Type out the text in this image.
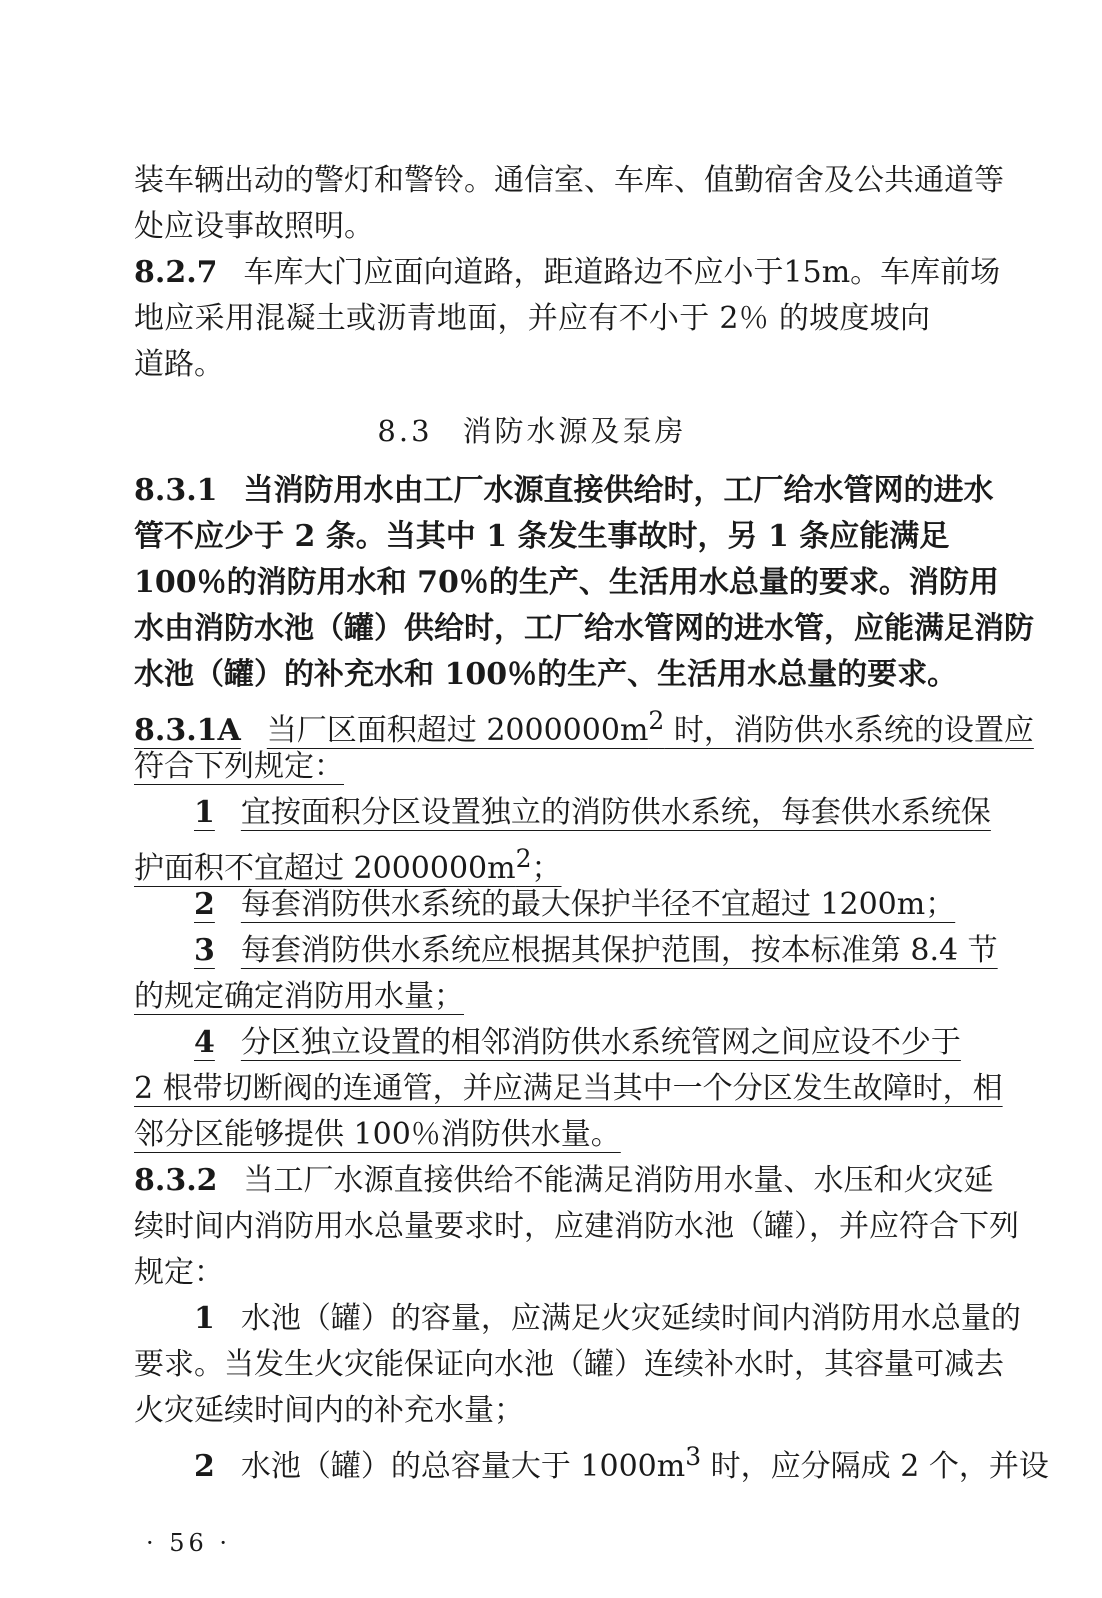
装车辆出动的警灯和警铃。通信室、车库、值勤宿舍及公共通道等
处应设事故照明。
8.2.7 车库大门应面向道路，距道路边不应小于15m。车库前场
地应采用混凝土或沥青地面，并应有不小于 2％ 的坡度坡向
道路。
8.3 消防水源及泵房
8.3.1 当消防用水由工厂水源直接供给时，工厂给水管网的进水
管不应少于 2 条。当其中 1 条发生事故时，另 1 条应能满足
100％的消防用水和 70％的生产、生活用水总量的要求。消防用
水由消防水池（罐）供给时，工厂给水管网的进水管，应能满足消防
水池（罐）的补充水和 100％的生产、生活用水总量的要求。
8.3.1A 当厂区面积超过 $2000000m^2$ 时，消防供水系统的设置应
符合下列规定：
1 宜按面积分区设置独立的消防供水系统，每套供水系统保
护面积不宜超过 $2000000m^2$；
2 每套消防供水系统的最大保护半径不宜超过 1200m；
3 每套消防供水系统应根据其保护范围，按本标准第 8.4 节
的规定确定消防用水量；
4 分区独立设置的相邻消防供水系统管网之间应设不少于
2 根带切断阀的连通管，并应满足当其中一个分区发生故障时，相
邻分区能够提供 100％消防供水量。
8.3.2 当工厂水源直接供给不能满足消防用水量、水压和火灾延
续时间内消防用水总量要求时，应建消防水池（罐），并应符合下列
规定：
1 水池（罐）的容量，应满足火灾延续时间内消防用水总量的
要求。当发生火灾能保证向水池（罐）连续补水时，其容量可减去
火灾延续时间内的补充水量；
2 水池（罐）的总容量大于 $1000m^3$ 时，应分隔成 2 个，并设
· 56 ·
